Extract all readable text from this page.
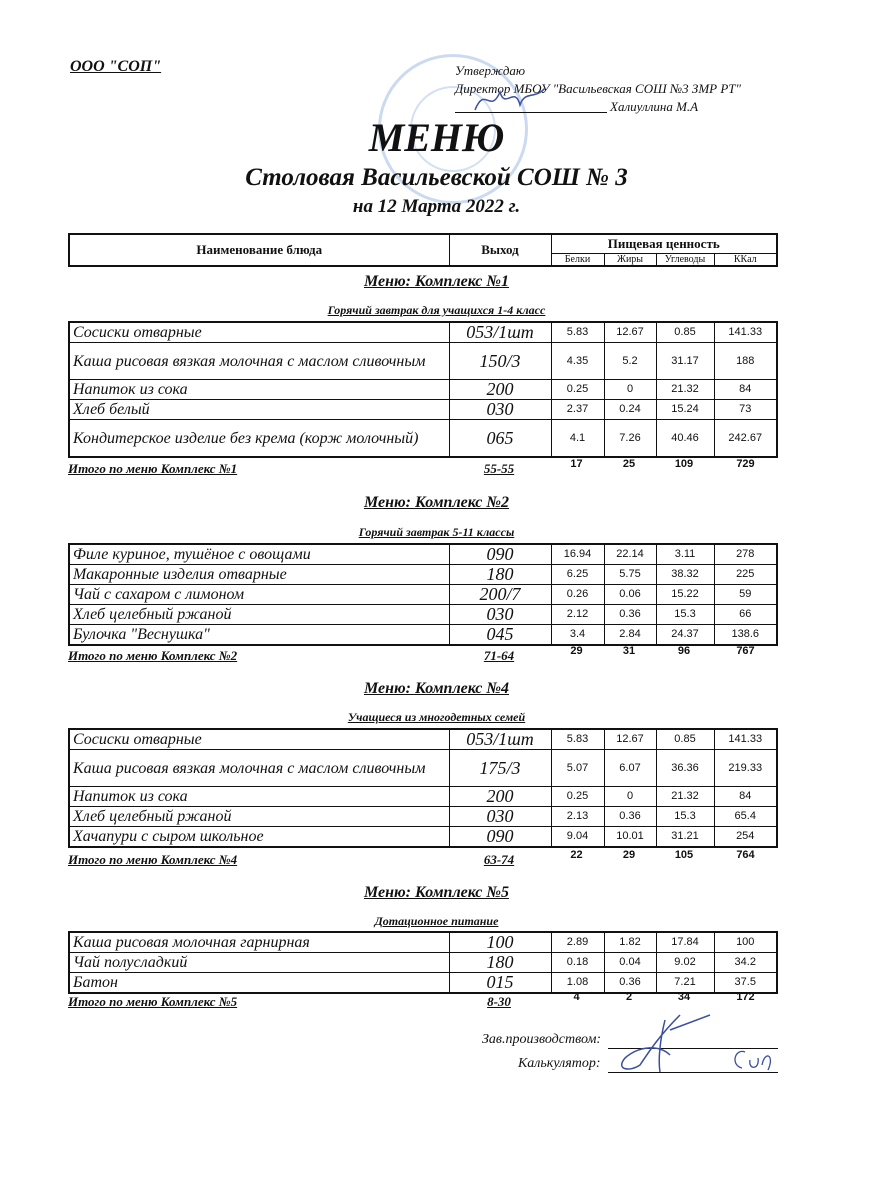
ООО "СОП"	Утверждаю
Директор МБОУ "Васильевская СОШ №3 ЗМР РТ"
Халиуллина М.А
МЕНЮ
Столовая Васильевской СОШ № 3
на 12 Марта 2022 г.
Наименование блюда	Выход	Пищевая ценность			
		Белки	Жиры	Углеводы	ККал
Меню: Комплекс №1
Горячий завтрак для учащихся 1-4 класс
Сосиски отварные	053/1шт	5.83	12.67	0.85	141.33
Каша рисовая вязкая молочная с маслом сливочным	150/3	4.35	5.2	31.17	188
Напиток из сока	200	0.25	0	21.32	84
Хлеб белый	030	2.37	0.24	15.24	73
Кондитерское изделие без крема (корж молочный)	065	4.1	7.26	40.46	242.67
Итого по меню Комплекс №1	55-55	17	25	109	729
Меню: Комплекс №2
Горячий завтрак 5-11 классы
Филе куриное, тушёное с овощами	090	16.94	22.14	3.11	278
Макаронные изделия отварные	180	6.25	5.75	38.32	225
Чай с сахаром с лимоном	200/7	0.26	0.06	15.22	59
Хлеб целебный ржаной	030	2.12	0.36	15.3	66
Булочка "Веснушка"	045	3.4	2.84	24.37	138.6
Итого по меню Комплекс №2	71-64	29	31	96	767
Меню: Комплекс №4
Учащиеся из многодетных семей
Сосиски отварные	053/1шт	5.83	12.67	0.85	141.33
Каша рисовая вязкая молочная с маслом сливочным	175/3	5.07	6.07	36.36	219.33
Напиток из сока	200	0.25	0	21.32	84
Хлеб целебный ржаной	030	2.13	0.36	15.3	65.4
Хачапури с сыром школьное	090	9.04	10.01	31.21	254
Итого по меню Комплекс №4	63-74	22	29	105	764
Меню: Комплекс №5
Дотационное питание
Каша рисовая молочная гарнирная	100	2.89	1.82	17.84	100
Чай полусладкий	180	0.18	0.04	9.02	34.2
Батон	015	1.08	0.36	7.21	37.5
Итого по меню Комплекс №5	8-30	4	2	34	172
Зав.производством:
Калькулятор:
